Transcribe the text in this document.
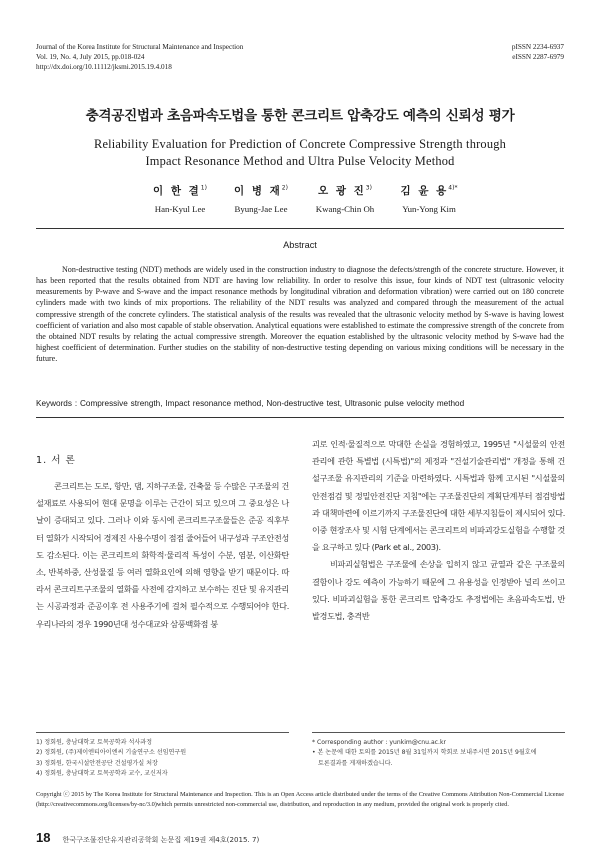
Journal of the Korea Institute for Structural Maintenance and Inspection
Vol. 19, No. 4, July 2015, pp.018-024
http://dx.doi.org/10.11112/jksmi.2015.19.4.018
pISSN 2234-6937
eISSN 2287-6979
충격공진법과 초음파속도법을 통한 콘크리트 압축강도 예측의 신뢰성 평가
Reliability Evaluation for Prediction of Concrete Compressive Strength through
Impact Resonance Method and Ultra Pulse Velocity Method
이 한 결$^{1)}$
Han-Kyul Lee
이 병 재$^{2)}$
Byung-Jae Lee
오 광 진$^{3)}$
Kwang-Chin Oh
김 윤 용$^{4)*}$
Yun-Yong Kim
Abstract
Non-destructive testing (NDT) methods are widely used in the construction industry to diagnose the defects/strength of the concrete structure. However, it has been reported that the results obtained from NDT are having low reliability. In order to resolve this issue, four kinds of NDT test (ultrasonic velocity measurements by P-wave and S-wave and the impact resonance methods by longitudinal vibration and deformation vibration) were carried out on 180 concrete cylinders made with two kinds of mix proportions. The reliability of the NDT results was analyzed and compared through the measurement of the actual compressive strength of the concrete cylinders. The statistical analysis of the results was revealed that the ultrasonic velocity method by S-wave is having lowest coefficient of variation and also most capable of stable observation. Analytical equations were established to estimate the compressive strength of the concrete from the obtained NDT results by relating the actual compressive strength. Moreover the equation established by the ultrasonic velocity method by S-wave had the highest coefficient of determination. Further studies on the stability of non-destructive testing depending on various mixing conditions will be necessary in the future.
Keywords : Compressive strength, Impact resonance method, Non-destructive test, Ultrasonic pulse velocity method
1. 서 론
콘크리트는 도로, 항만, 댐, 지하구조물, 건축물 등 수많은 구조물의 건설재료로 사용되어 현대 문명을 이루는 근간이 되고 있으며 그 중요성은 나날이 증대되고 있다. 그러나 이와 동시에 콘크리트구조물들은 준공 직후부터 열화가 시작되어 경제진 사용수명이 점점 줄어들어 내구성과 구조안전성도 감소된다. 이는 콘크리트의 화학적·물리적 특성이 수분, 염분, 이산화탄소, 반복하중, 산성물질 등 여러 열화요인에 의해 영향을 받기 때문이다. 따라서 콘크리트구조물의 열화를 사전에 감지하고 보수하는 진단 및 유지관리는 시공과정과 준공이후 전 사용주기에 걸쳐 필수적으로 수행되어야 한다. 우리나라의 경우 1990년대 성수대교와 삼풍백화점 붕
괴로 인적·물질적으로 막대한 손실을 경험하였고, 1995년 "시설물의 안전관리에 관한 특별법 (시특법)"의 제정과 "건설기술관리법" 개정을 통해 건설구조물 유지관리의 기준을 마련하였다. 시특법과 함께 고시된 "시설물의 안전점검 및 정밀안전진단 지침"에는 구조물진단의 계획단계부터 점검방법과 대책마련에 이르기까지 구조물진단에 대한 세부지침들이 제시되어 있다. 이중 현장조사 및 시험 단계에서는 콘크리트의 비파괴강도실험을 수행할 것을 요구하고 있다 (Park et al., 2003).
비파괴실험법은 구조물에 손상을 입히지 않고 균열과 같은 구조물의 결함이나 강도 예측이 가능하기 때문에 그 유용성을 인정받아 널리 쓰이고 있다. 비파괴실험을 통한 콘크리트 압축강도 추정법에는 초음파속도법, 반발경도법, 충격반
1) 정회원, 충남대학교 토목공학과 석사과정
2) 정회원, (주)제이엔티아이엔씨 기술연구소 선임연구원
3) 정회원, 한국시설안전공단 건설평가실 처장
4) 정회원, 충남대학교 토목공학과 교수, 교신저자
* Corresponding author : yunkim@cnu.ac.kr
• 본 논문에 대한 토의를 2015년 8월 31일까지 학회로 보내주시면 2015년 9월호에
토론결과를 게재하겠습니다.
Copyright ⓒ 2015 by The Korea Institute for Structural Maintenance and Inspection. This is an Open Access article distributed under the terms of the Creative Commons Attribution Non-Commercial License (http://creativecommons.org/licenses/by-nc/3.0)which permits unrestricted non-commercial use, distribution, and reproduction in any medium, provided the original work is properly cited.
18 한국구조물진단유지관리공학회 논문집 제19권 제4호(2015. 7)
